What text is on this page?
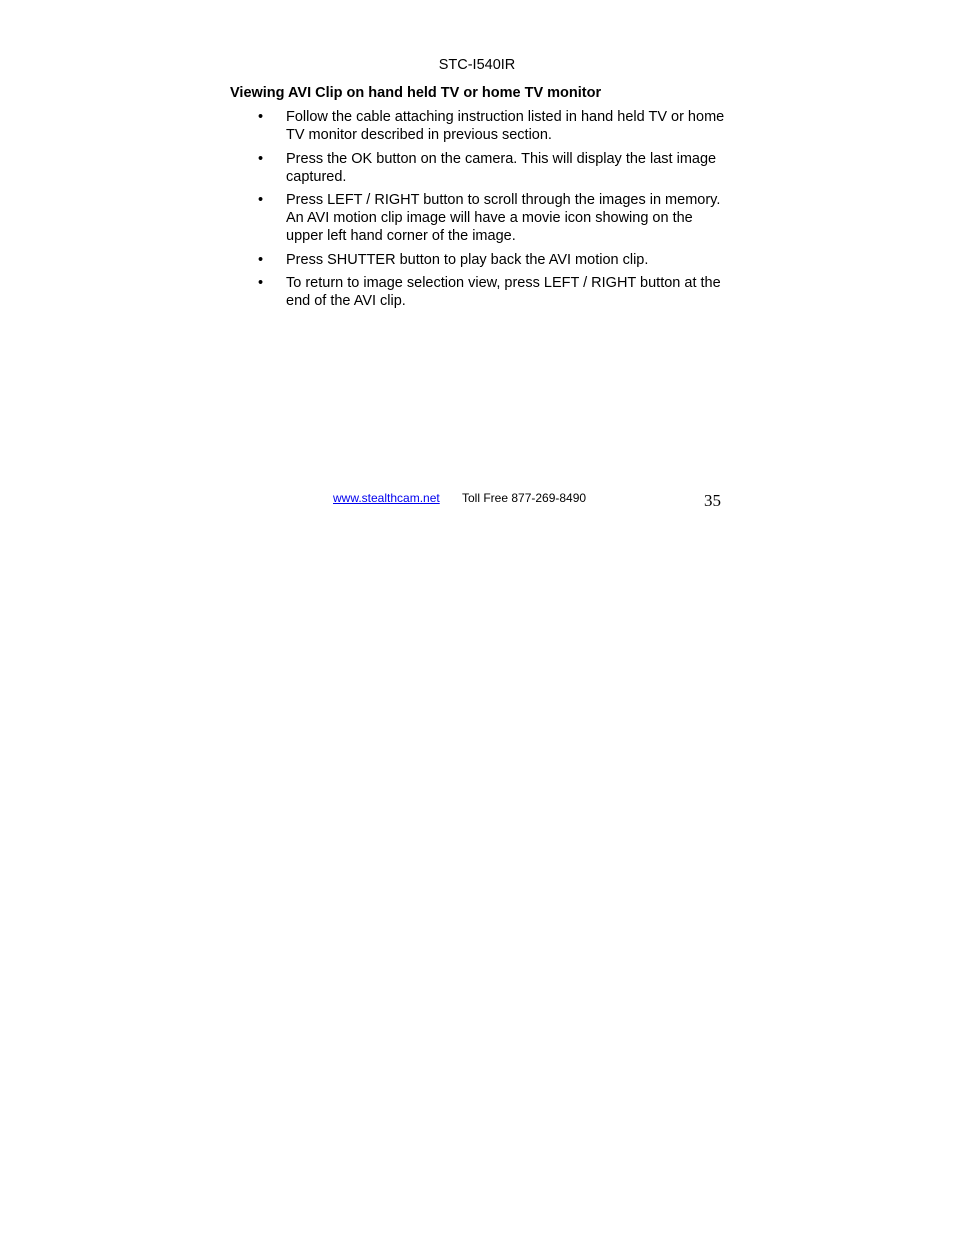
STC-I540IR
Viewing AVI Clip on hand held TV or home TV monitor
•	Follow the cable attaching instruction listed in hand held TV or home TV monitor described in previous section.
•	Press the OK button on the camera. This will display the last image captured.
•	Press LEFT / RIGHT button to scroll through the images in memory. An AVI motion clip image will have a movie icon showing on the upper left hand corner of the image.
•	Press SHUTTER button to play back the AVI motion clip.
•	To return to image selection view, press LEFT / RIGHT button at the end of the AVI clip.
www.stealthcam.net Toll Free 877-269-8490	35
